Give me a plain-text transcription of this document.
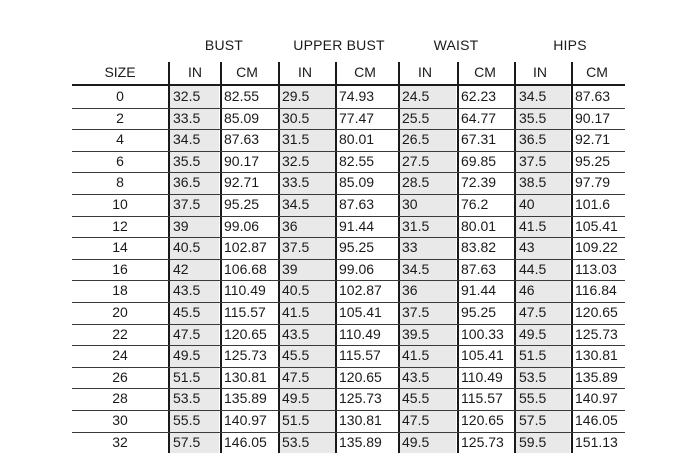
BUST	UPPER BUST	WAIST	HIPS
SIZE	IN	CM	IN	CM	IN	CM	IN	CM
0	32.5 82.55 29.5 74.93 24.5 62.23 34.5 87.63
2	33.5 85.09 30.5 77.47 25.5 64.77 35.5 90.17
4	34.5 87.63 31.5 80.01 26.5 67.31 36.5 92.71
6	35.5 90.17 32.5 82.55 27.5 69.85 37.5 95.25
8	36.5 92.71 33.5 85.09 28.5 72.39 38.5 97.79
10	37.5 95.25 34.5 87.63 30	76.2 40	101.6
12	39	99.06 36	91.44 31.5 80.01 41.5 105.41
14	40.5 102.87 37.5 95.25 33	83.82 43	109.22
16	42	106.68 39	99.06 34.5 87.63 44.5 113.03
18	43.5 110.49 40.5 102.87 36	91.44 46	116.84
20	45.5 115.57 41.5 105.41 37.5 95.25 47.5 120.65
22	47.5 120.65 43.5 110.49 39.5 100.33 49.5 125.73
24	49.5 125.73 45.5 115.57 41.5 105.41 51.5 130.81
26	51.5 130.81 47.5 120.65 43.5 110.49 53.5 135.89
28	53.5 135.89 49.5 125.73 45.5 115.57 55.5 140.97
30	55.5 140.97 51.5 130.81 47.5 120.65 57.5 146.05
32	57.5 146.05 53.5 135.89 49.5 125.73 59.5 151.13
